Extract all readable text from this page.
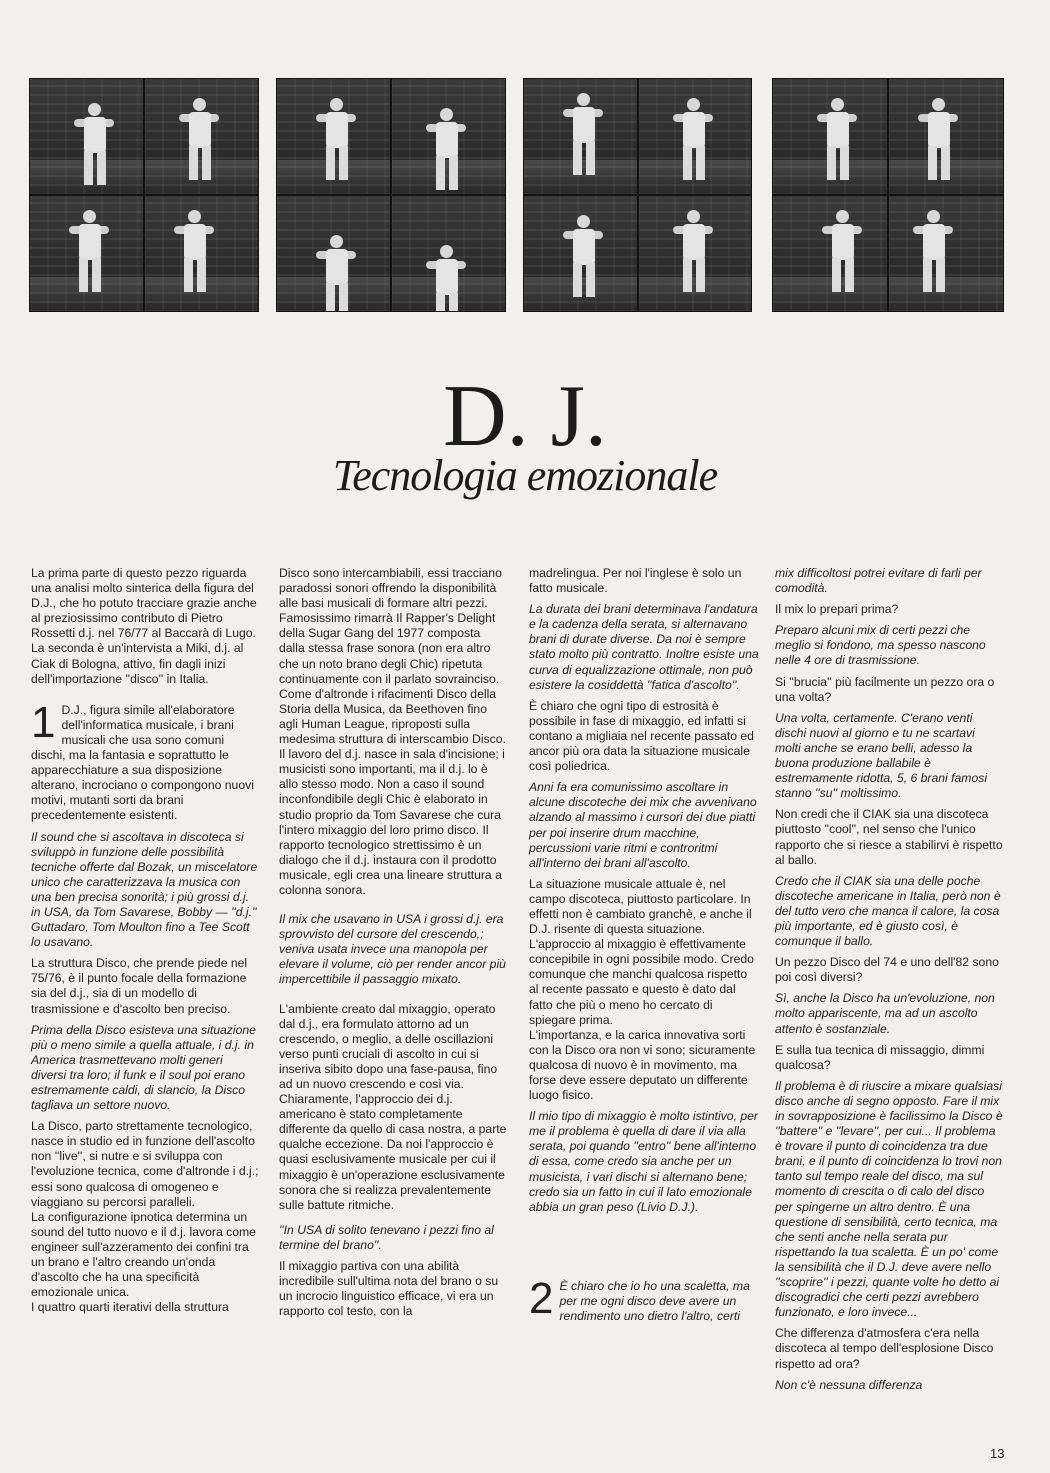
D. J.
Tecnologia emozionale

La prima parte di questo pezzo riguarda una analisi molto sinterica della figura del D.J., che ho potuto tracciare grazie anche al preziosissimo contributo di Pietro Rossetti d.j. nel 76/77 al Baccarà di Lugo. La seconda è un'intervista a Miki, d.j. al Ciak di Bologna, attivo, fin dagli inizi dell'importazione ''disco'' in Italia.

1 D.J., figura simile all'elaboratore dell'informatica musicale, i brani musicali che usa sono comuni dischi, ma la fantasia e soprattutto le apparecchiature a sua disposizione alterano, incrociano o compongono nuovi motivi, mutanti sorti da brani precedentemente esistenti.

Il sound che si ascoltava in discoteca si sviluppò in funzione delle possibilità tecniche offerte dal Bozak, un miscelatore unico che caratterizzava la musica con una ben precisa sonorità; i più grossi d.j. in USA, da Tom Savarese, Bobby — ''d.j.'' Guttadaro, Tom Moulton fino a Tee Scott lo usavano.

La struttura Disco, che prende piede nel 75/76, è il punto focale della formazione sia del d.j., sia di un modello di trasmissione e d'ascolto ben preciso.

Prima della Disco esisteva una situazione più o meno simile a quella attuale, i d.j. in America trasmettevano molti generi diversi tra loro; il funk e il soul poi erano estremamente caldi, di slancio, la Disco tagliava un settore nuovo.

La Disco, parto strettamente tecnologico, nasce in studio ed in funzione dell'ascolto non ''live'', si nutre e si sviluppa con l'evoluzione tecnica, come d'altronde i d.j.; essi sono qualcosa di omogeneo e viaggiano su percorsi paralleli.

La configurazione ipnotica determina un sound del tutto nuovo e il d.j. lavora come engineer sull'azzeramento dei confini tra un brano e l'altro creando un'onda d'ascolto che ha una specificità emozionale unica.

I quattro quarti iterativi della struttura

Disco sono intercambiabili, essi tracciano paradossi sonori offrendo la disponibilità alle basi musicali di formare altri pezzi.

Famosissimo rimarrà Il Rapper's Delight della Sugar Gang del 1977 composta dalla stessa frase sonora (non era altro che un noto brano degli Chic) ripetuta continuamente con il parlato sovrainciso. Come d'altronde i rifacimenti Disco della Storia della Musica, da Beethoven fino agli Human League, riproposti sulla medesima struttura di interscambio Disco.

Il lavoro del d.j. nasce in sala d'incisione; i musicisti sono importanti, ma il d.j. lo è allo stesso modo. Non a caso il sound inconfondibile degli Chic è elaborato in studio proprio da Tom Savarese che cura l'intero mixaggio del loro primo disco. Il rapporto tecnologico strettissimo è un dialogo che il d.j. instaura con il prodotto musicale, egli crea una lineare struttura a colonna sonora.

Il mix che usavano in USA i grossi d.j. era sprovvisto del cursore del crescendo,; veniva usata invece una manopola per elevare il volume, ciò per render ancor più impercettibile il passaggio mixato.

L'ambiente creato dal mixaggio, operato dal d.j., era formulato attorno ad un crescendo, o meglio, a delle oscillazioni verso punti cruciali di ascolto in cui si inseriva sibito dopo una fase-pausa, fino ad un nuovo crescendo e così via. Chiaramente, l'approccio dei d.j. americano è stato completamente differente da quello di casa nostra, a parte qualche eccezione. Da noi l'approccio è quasi esclusivamente musicale per cui il mixaggio è un'operazione esclusivamente sonora che si realizza prevalentemente sulle battute ritmiche.

''In USA di solito tenevano i pezzi fino al termine del brano''.

Il mixaggio partiva con una abilità incredibile sull'ultima nota del brano o su un incrocio linguistico efficace, vi era un rapporto col testo, con la

madrelingua. Per noi l'inglese è solo un fatto musicale.

La durata dei brani determinava l'andatura e la cadenza della serata, si alternavano brani di durate diverse. Da noi è sempre stato molto più contratto. Inoltre esiste una curva di equalizzazione ottimale, non può esistere la cosiddettà ''fatica d'ascolto''.

È chiaro che ogni tipo di estrosità è possibile in fase di mixaggio, ed infatti si contano a migliaia nel recente passato ed ancor più ora data la situazione musicale così poliedrica.

Anni fa era comunissimo ascoltare in alcune discoteche dei mix che avvenivano alzando al massimo i cursori dei due piatti per poi inserire drum macchine, percussioni varie ritmi e controritmi all'interno dei brani all'ascolto.

La situazione musicale attuale è, nel campo discoteca, piuttosto particolare. In effetti non è cambiato granchè, e anche il D.J. risente di questa situazione. L'approccio al mixaggio è effettivamente concepibile in ogni possibile modo. Credo comunque che manchi qualcosa rispetto al recente passato e questo è dato dal fatto che più o meno ho cercato di spiegare prima.

L'importanza, e la carica innovativa sorti con la Disco ora non vi sono; sicuramente qualcosa di nuovo è in movimento, ma forse deve essere deputato un differente luogo fisico.

Il mio tipo di mixaggio è molto istintivo, per me il problema è quella di dare il via alla serata, poi quando ''entro'' bene all'interno di essa, come credo sia anche per un musicista, i vari dischi si alternano bene; credo sia un fatto in cui il lato emozionale abbia un gran peso (Livio D.J.).

2 È chiaro che io ho una scaletta, ma per me ogni disco deve avere un rendimento uno dietro l'altro, certi

mix difficoltosi potrei evitare di farli per comodità.

Il mix lo prepari prima?

Preparo alcuni mix di certi pezzi che meglio si fondono, ma spesso nascono nelle 4 ore di trasmissione.

Si ''brucia'' più facilmente un pezzo ora o una volta?

Una volta, certamente. C'erano venti dischi nuovi al giorno e tu ne scartavi molti anche se erano belli, adesso la buona produzione ballabile è estremamente ridotta, 5, 6 brani famosi stanno ''su'' moltissimo.

Non credi che il CIAK sia una discoteca piuttosto ''cool'', nel senso che l'unico rapporto che si riesce a stabilirvi è rispetto al ballo.

Credo che il CIAK sia una delle poche discoteche americane in Italia, però non è del tutto vero che manca il calore, la cosa più importante, ed è giusto così, è comunque il ballo.

Un pezzo Disco del 74 e uno dell'82 sono poi così diversi?

Sì, anche la Disco ha un'evoluzione, non molto appariscente, ma ad un ascolto attento è sostanziale.

E sulla tua tecnica di missaggio, dimmi qualcosa?

Il problema è di riuscire a mixare qualsiasi disco anche di segno opposto. Fare il mix in sovrapposizione è facilissimo la Disco è ''battere'' e ''levare'', per cui... Il problema è trovare il punto di coincidenza tra due brani, e il punto di coincidenza lo trovi non tanto sul tempo reale del disco, ma sul momento di crescita o di calo del disco per spingerne un altro dentro. È una questione di sensibilità, certo tecnica, ma che senti anche nella serata pur rispettando la tua scaletta. È un po' come la sensibilità che il D.J. deve avere nello ''scoprire'' i pezzi, quante volte ho detto ai discogradici che certi pezzi avrebbero funzionato, e loro invece...

Che differenza d'atmosfera c'era nella discoteca al tempo dell'esplosione Disco rispetto ad ora?

Non c'è nessuna differenza

13
